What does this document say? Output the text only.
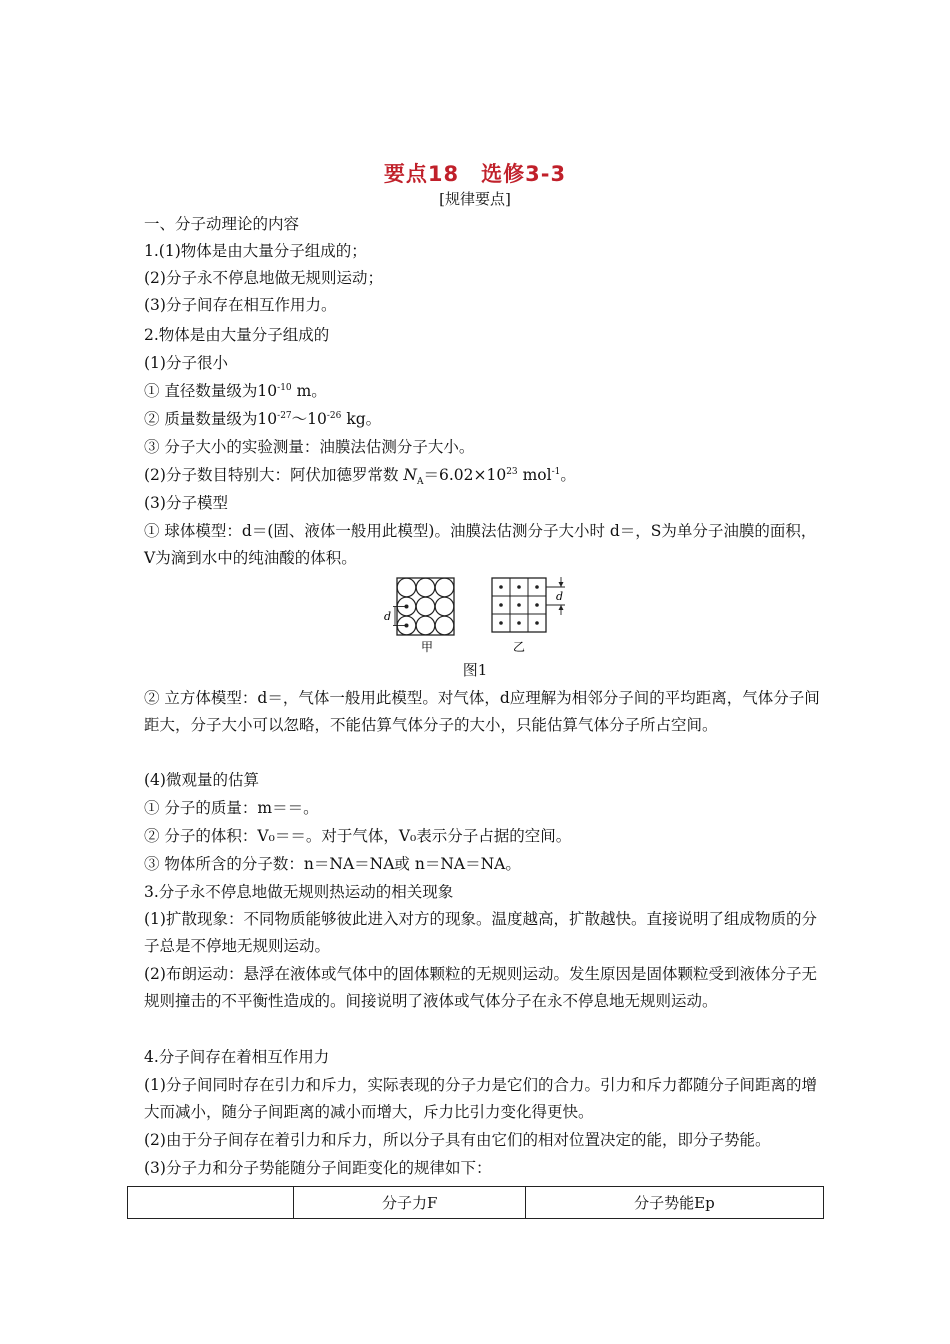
要点18　选修3-3
[规律要点]
一、分子动理论的内容
1.(1)物体是由大量分子组成的；
(2)分子永不停息地做无规则运动；
(3)分子间存在相互作用力。
2.物体是由大量分子组成的
(1)分子很小
① 直径数量级为$10^{-10}$ m。
② 质量数量级为$10^{-27}\sim 10^{-26}$ kg。
③ 分子大小的实验测量：油膜法估测分子大小。
(2)分子数目特别大：阿伏加德罗常数 $N_A=6.02\times 10^{23}$ mol$^{-1}$。
(3)分子模型
① 球体模型：d＝(固、液体一般用此模型)。油膜法估测分子大小时 d＝，S为单分子油膜的面积，V为滴到水中的纯油酸的体积。
d
甲
d
乙
图1
② 立方体模型：d＝，气体一般用此模型。对气体，d应理解为相邻分子间的平均距离，气体分子间距大，分子大小可以忽略，不能估算气体分子的大小，只能估算气体分子所占空间。
(4)微观量的估算
① 分子的质量：m＝＝。
② 分子的体积：V₀＝＝。对于气体，V₀表示分子占据的空间。
③ 物体所含的分子数：n＝NA＝NA或 n＝NA＝NA。
3.分子永不停息地做无规则热运动的相关现象
(1)扩散现象：不同物质能够彼此进入对方的现象。温度越高，扩散越快。直接说明了组成物质的分子总是不停地无规则运动。
(2)布朗运动：悬浮在液体或气体中的固体颗粒的无规则运动。发生原因是固体颗粒受到液体分子无规则撞击的不平衡性造成的。间接说明了液体或气体分子在永不停息地无规则运动。
4.分子间存在着相互作用力
(1)分子间同时存在引力和斥力，实际表现的分子力是它们的合力。引力和斥力都随分子间距离的增大而减小，随分子间距离的减小而增大，斥力比引力变化得更快。
(2)由于分子间存在着引力和斥力，所以分子具有由它们的相对位置决定的能，即分子势能。
(3)分子力和分子势能随分子间距变化的规律如下：
	分子力F	分子势能Ep
